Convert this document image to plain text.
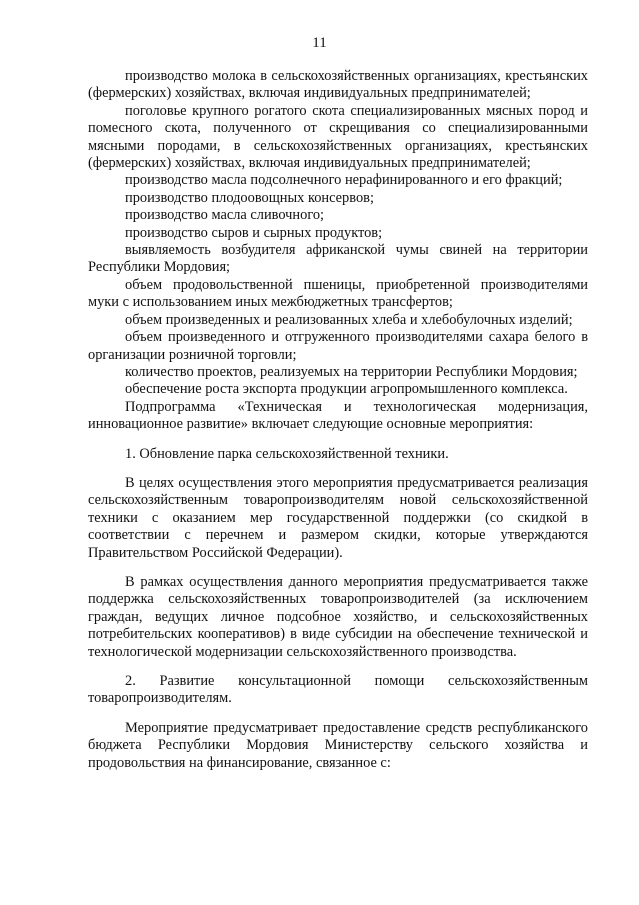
11

производство молока в сельскохозяйственных организациях, крестьянских (фермерских) хозяйствах, включая индивидуальных предпринимателей;

поголовье крупного рогатого скота специализированных мясных пород и помесного скота, полученного от скрещивания со специализированными мясными породами, в сельскохозяйственных организациях, крестьянских (фермерских) хозяйствах, включая индивидуальных предпринимателей;

производство масла подсолнечного нерафинированного и его фракций;

производство плодоовощных консервов;

производство масла сливочного;

производство сыров и сырных продуктов;

выявляемость возбудителя африканской чумы свиней на территории Республики Мордовия;

объем продовольственной пшеницы, приобретенной производителями муки с использованием иных межбюджетных трансфертов;

объем произведенных и реализованных хлеба и хлебобулочных изделий;

объем произведенного и отгруженного производителями сахара белого в организации розничной торговли;

количество проектов, реализуемых на территории Республики Мордовия;

обеспечение роста экспорта продукции агропромышленного комплекса.

Подпрограмма «Техническая и технологическая модернизация, инновационное развитие» включает следующие основные мероприятия:

1. Обновление парка сельскохозяйственной техники.

В целях осуществления этого мероприятия предусматривается реализация сельскохозяйственным товаропроизводителям новой сельскохозяйственной техники с оказанием мер государственной поддержки (со скидкой в соответствии с перечнем и размером скидки, которые утверждаются Правительством Российской Федерации).

В рамках осуществления данного мероприятия предусматривается также поддержка сельскохозяйственных товаропроизводителей (за исключением граждан, ведущих личное подсобное хозяйство, и сельскохозяйственных потребительских кооперативов) в виде субсидии на обеспечение технической и технологической модернизации сельскохозяйственного производства.

2. Развитие консультационной помощи сельскохозяйственным товаропроизводителям.

Мероприятие предусматривает предоставление средств республиканского бюджета Республики Мордовия Министерству сельского хозяйства и продовольствия на финансирование, связанное с:
